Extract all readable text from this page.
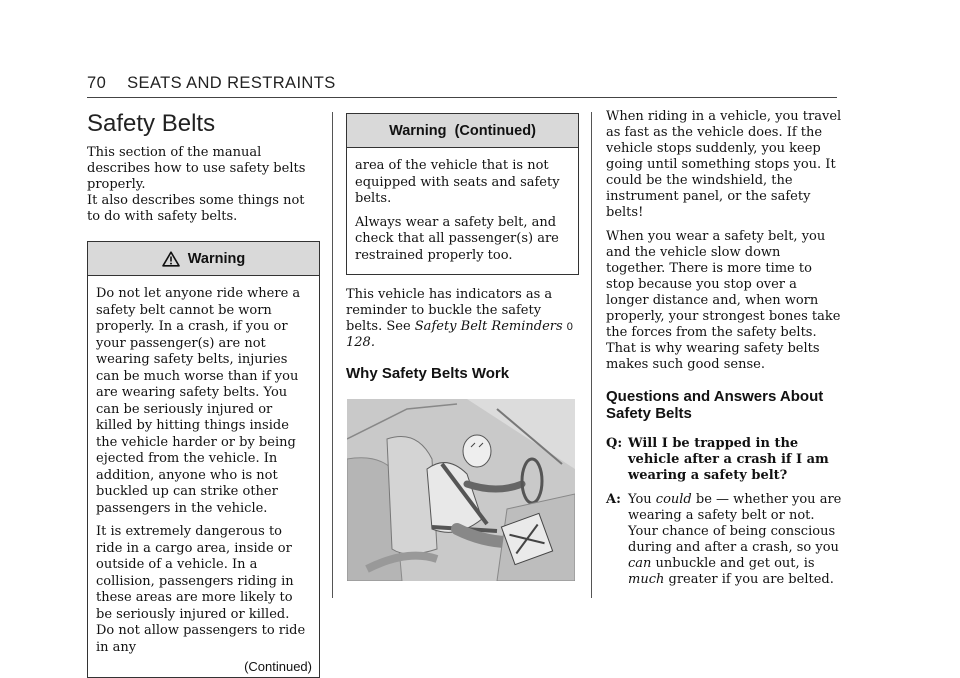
70 SEATS AND RESTRAINTS
Safety Belts

This section of the manual describes how to use safety belts properly.

It also describes some things not to do with safety belts.

Warning

Do not let anyone ride where a safety belt cannot be worn properly. In a crash, if you or your passenger(s) are not wearing safety belts, injuries can be much worse than if you are wearing safety belts. You can be seriously injured or killed by hitting things inside the vehicle harder or by being ejected from the vehicle. In addition, anyone who is not buckled up can strike other passengers in the vehicle.

It is extremely dangerous to ride in a cargo area, inside or outside of a vehicle. In a collision, passengers riding in these areas are more likely to be seriously injured or killed. Do not allow passengers to ride in any

(Continued)
Warning  (Continued)

area of the vehicle that is not equipped with seats and safety belts.

Always wear a safety belt, and check that all passenger(s) are restrained properly too.

This vehicle has indicators as a reminder to buckle the safety belts. See Safety Belt Reminders 0 128.

Why Safety Belts Work

When riding in a vehicle, you travel as fast as the vehicle does. If the vehicle stops suddenly, you keep going until something stops you. It could be the windshield, the instrument panel, or the safety belts!

When you wear a safety belt, you and the vehicle slow down together. There is more time to stop because you stop over a longer distance and, when worn properly, your strongest bones take the forces from the safety belts. That is why wearing safety belts makes such good sense.

Questions and Answers About Safety Belts
Q: Will I be trapped in the vehicle after a crash if I am wearing a safety belt?
A: You could be — whether you are wearing a safety belt or not. Your chance of being conscious during and after a crash, so you can unbuckle and get out, is much greater if you are belted.
